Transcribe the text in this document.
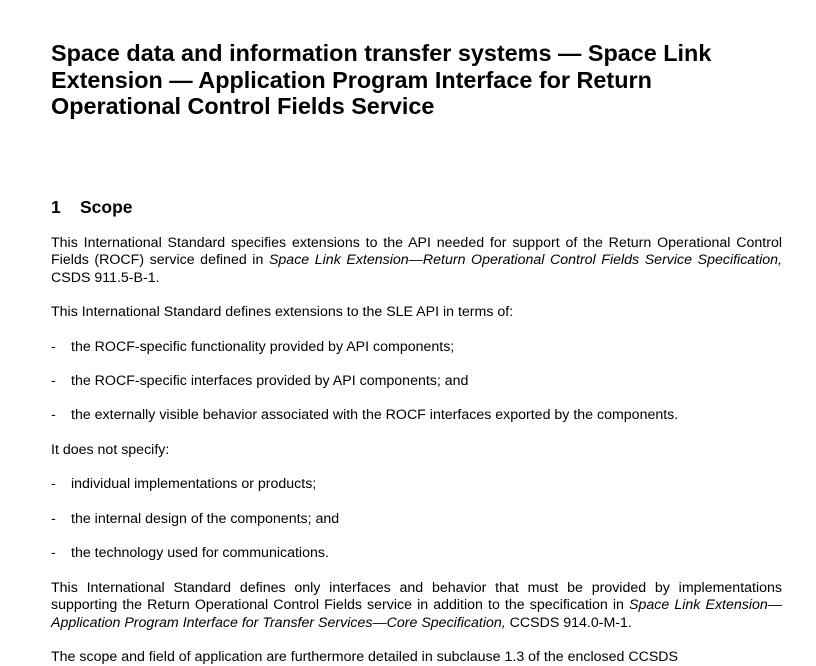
Space data and information transfer systems — Space Link Extension — Application Program Interface for Return Operational Control Fields Service
1 Scope

This International Standard specifies extensions to the API needed for support of the Return Operational Control Fields (ROCF) service defined in Space Link Extension—Return Operational Control Fields Service Specification, CSDS 911.5-B-1.

This International Standard defines extensions to the SLE API in terms of:

- the ROCF-specific functionality provided by API components;
- the ROCF-specific interfaces provided by API components; and
- the externally visible behavior associated with the ROCF interfaces exported by the components.

It does not specify:

- individual implementations or products;
- the internal design of the components; and
- the technology used for communications.

This International Standard defines only interfaces and behavior that must be provided by implementations supporting the Return Operational Control Fields service in addition to the specification in Space Link Extension—Application Program Interface for Transfer Services—Core Specification, CCSDS 914.0-M-1.

The scope and field of application are furthermore detailed in subclause 1.3 of the enclosed CCSDS
